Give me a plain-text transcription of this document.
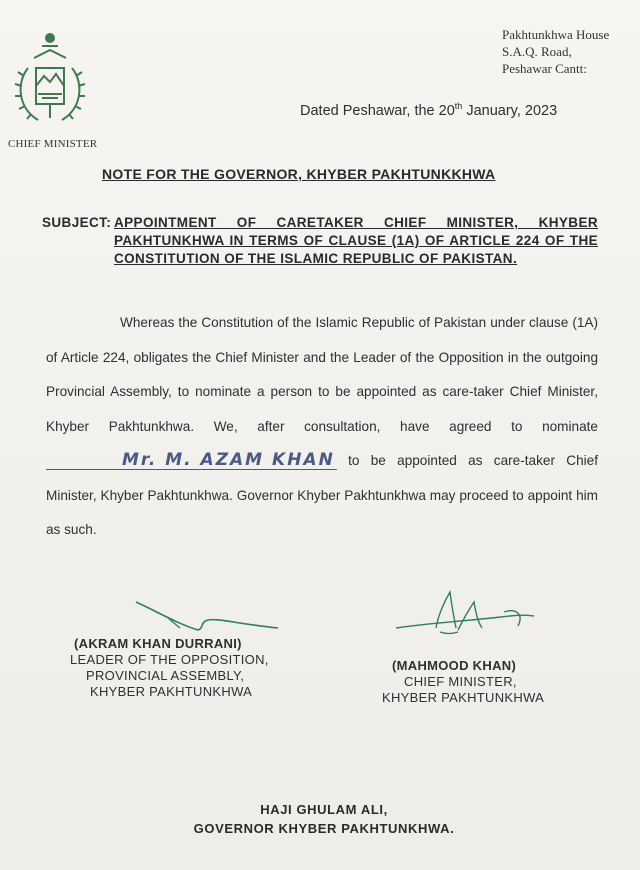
CHIEF MINISTER
Pakhtunkhwa House
S.A.Q. Road,
Peshawar Cantt:
Dated Peshawar, the 20th January, 2023
NOTE FOR THE GOVERNOR, KHYBER PAKHTUNKKHWA
SUBJECT: APPOINTMENT OF CARETAKER CHIEF MINISTER, KHYBER PAKHTUNKHWA IN TERMS OF CLAUSE (1A) OF ARTICLE 224 OF THE CONSTITUTION OF THE ISLAMIC REPUBLIC OF PAKISTAN.

Whereas the Constitution of the Islamic Republic of Pakistan under clause (1A) of Article 224, obligates the Chief Minister and the Leader of the Opposition in the outgoing Provincial Assembly, to nominate a person to be appointed as care-taker Chief Minister, Khyber Pakhtunkhwa. We, after consultation, have agreed to nominate Mr. M. AZAM KHAN to be appointed as care-taker Chief Minister, Khyber Pakhtunkhwa. Governor Khyber Pakhtunkhwa may proceed to appoint him as such.

(AKRAM KHAN DURRANI)
LEADER OF THE OPPOSITION,
PROVINCIAL ASSEMBLY,
KHYBER PAKHTUNKHWA
(MAHMOOD KHAN)
CHIEF MINISTER,
KHYBER PAKHTUNKHWA
HAJI GHULAM ALI,
GOVERNOR KHYBER PAKHTUNKHWA.
